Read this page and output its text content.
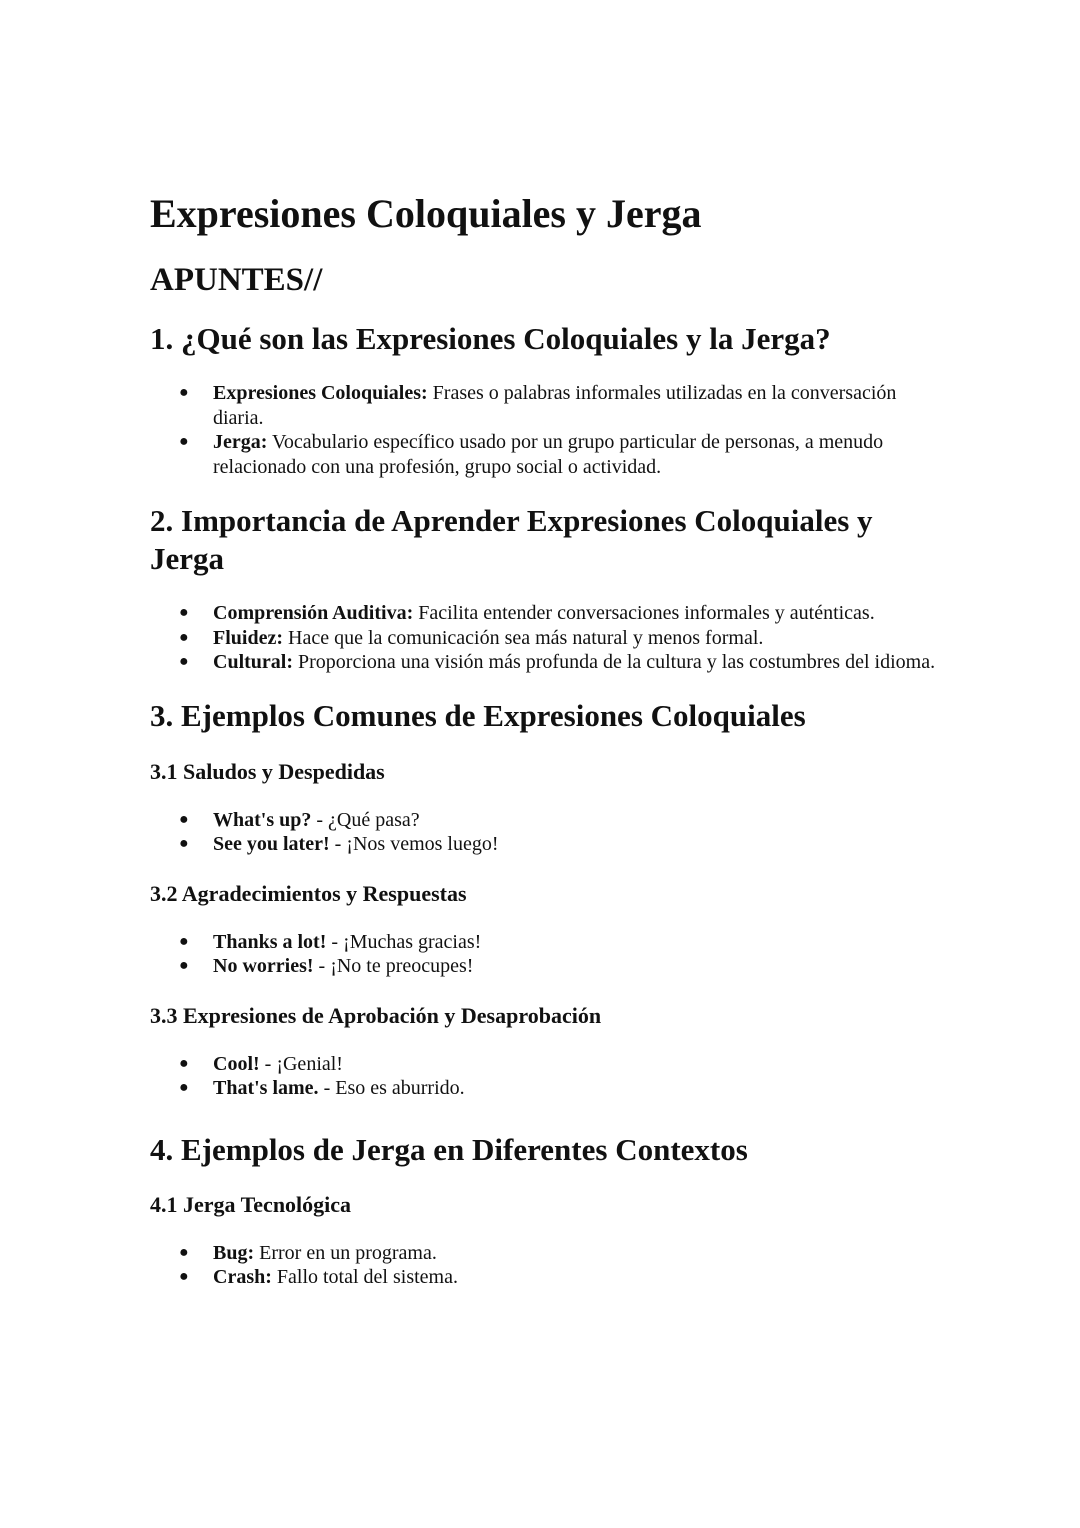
Expresiones Coloquiales y Jerga
APUNTES//
1. ¿Qué son las Expresiones Coloquiales y la Jerga?
● Expresiones Coloquiales: Frases o palabras informales utilizadas en la conversación diaria.
● Jerga: Vocabulario específico usado por un grupo particular de personas, a menudo relacionado con una profesión, grupo social o actividad.
2. Importancia de Aprender Expresiones Coloquiales y Jerga
● Comprensión Auditiva: Facilita entender conversaciones informales y auténticas.
● Fluidez: Hace que la comunicación sea más natural y menos formal.
● Cultural: Proporciona una visión más profunda de la cultura y las costumbres del idioma.
3. Ejemplos Comunes de Expresiones Coloquiales
3.1 Saludos y Despedidas
● What's up? - ¿Qué pasa?
● See you later! - ¡Nos vemos luego!
3.2 Agradecimientos y Respuestas
● Thanks a lot! - ¡Muchas gracias!
● No worries! - ¡No te preocupes!
3.3 Expresiones de Aprobación y Desaprobación
● Cool! - ¡Genial!
● That's lame. - Eso es aburrido.
4. Ejemplos de Jerga en Diferentes Contextos
4.1 Jerga Tecnológica
● Bug: Error en un programa.
● Crash: Fallo total del sistema.
